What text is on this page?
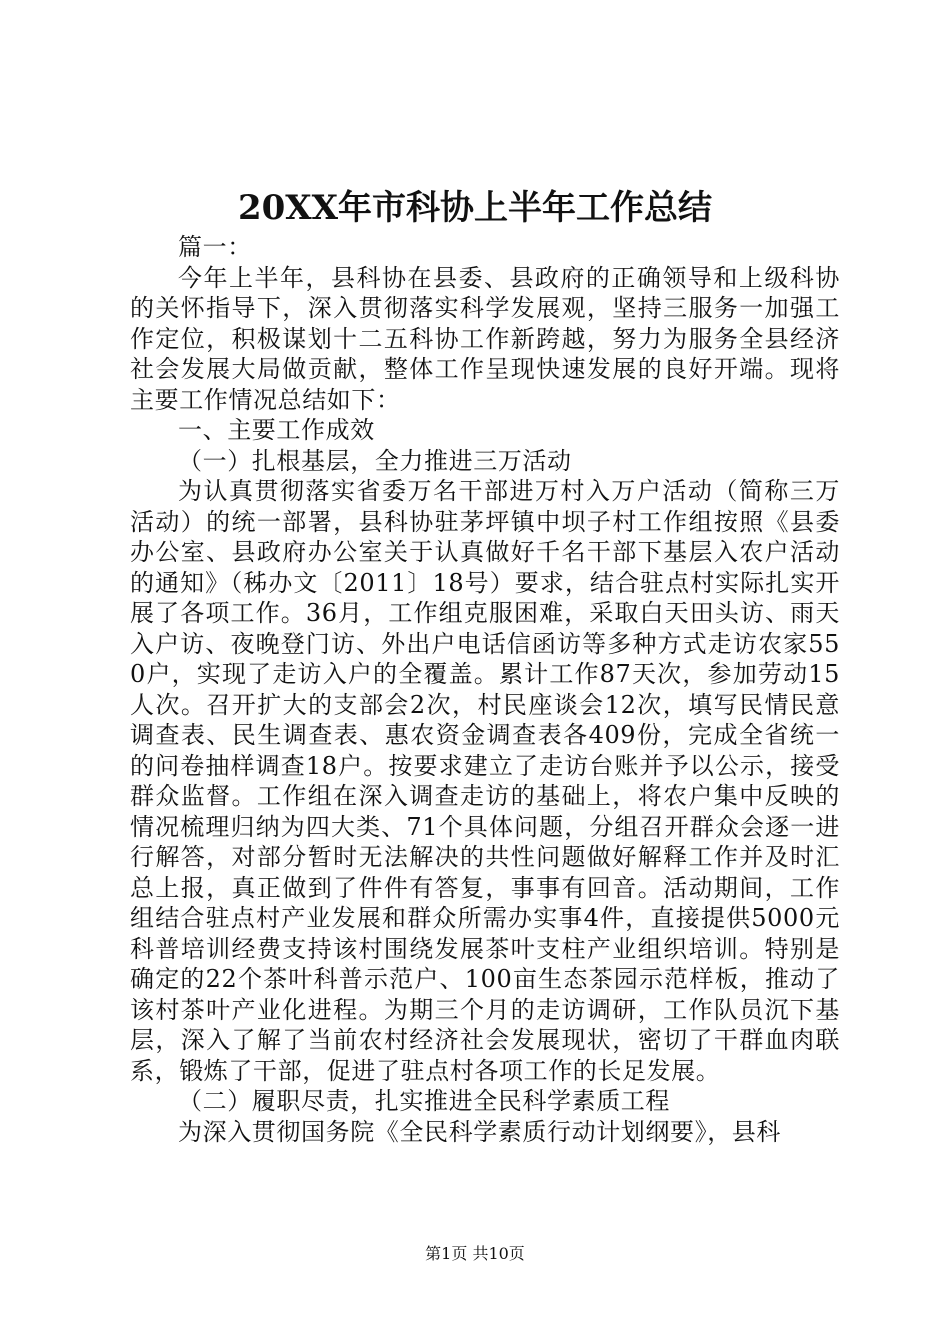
20XX年市科协上半年工作总结

篇一：

今年上半年，县科协在县委、县政府的正确领导和上级科协的关怀指导下，深入贯彻落实科学发展观，坚持三服务一加强工作定位，积极谋划十二五科协工作新跨越，努力为服务全县经济社会发展大局做贡献，整体工作呈现快速发展的良好开端。现将主要工作情况总结如下：

一、主要工作成效

（一）扎根基层，全力推进三万活动

为认真贯彻落实省委万名干部进万村入万户活动（简称三万活动）的统一部署，县科协驻茅坪镇中坝子村工作组按照《县委办公室、县政府办公室关于认真做好千名干部下基层入农户活动的通知》（秭办文〔2011〕18号）要求，结合驻点村实际扎实开展了各项工作。36月，工作组克服困难，采取白天田头访、雨天入户访、夜晚登门访、外出户电话信函访等多种方式走访农家550户，实现了走访入户的全覆盖。累计工作87天次，参加劳动15人次。召开扩大的支部会2次，村民座谈会12次，填写民情民意调查表、民生调查表、惠农资金调查表各409份，完成全省统一的问卷抽样调查18户。按要求建立了走访台账并予以公示，接受群众监督。工作组在深入调查走访的基础上，将农户集中反映的情况梳理归纳为四大类、71个具体问题，分组召开群众会逐一进行解答，对部分暂时无法解决的共性问题做好解释工作并及时汇总上报，真正做到了件件有答复，事事有回音。活动期间，工作组结合驻点村产业发展和群众所需办实事4件，直接提供5000元科普培训经费支持该村围绕发展茶叶支柱产业组织培训。特别是确定的22个茶叶科普示范户、100亩生态茶园示范样板，推动了该村茶叶产业化进程。为期三个月的走访调研，工作队员沉下基层，深入了解了当前农村经济社会发展现状，密切了干群血肉联系，锻炼了干部，促进了驻点村各项工作的长足发展。

（二）履职尽责，扎实推进全民科学素质工程

为深入贯彻国务院《全民科学素质行动计划纲要》，县科

第1页 共10页
